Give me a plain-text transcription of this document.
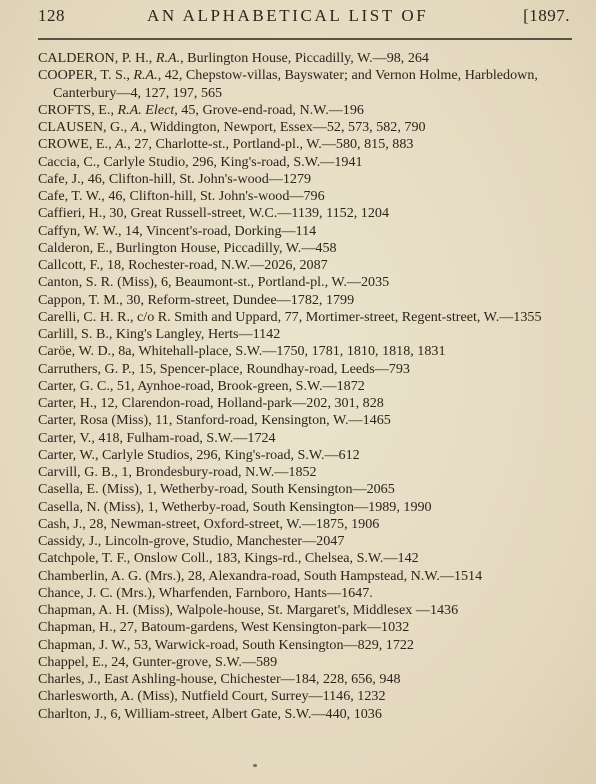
128	AN ALPHABETICAL LIST OF	[1897.
CALDERON, P. H., R.A., Burlington House, Piccadilly, W.—98, 264
COOPER, T. S., R.A., 42, Chepstow-villas, Bayswater; and Vernon Holme, Harbledown, Canterbury—4, 127, 197, 565
CROFTS, E., R.A. Elect, 45, Grove-end-road, N.W.—196
CLAUSEN, G., A., Widdington, Newport, Essex—52, 573, 582, 790
CROWE, E., A., 27, Charlotte-st., Portland-pl., W.—580, 815, 883
Caccia, C., Carlyle Studio, 296, King's-road, S.W.—1941
Cafe, J., 46, Clifton-hill, St. John's-wood—1279
Cafe, T. W., 46, Clifton-hill, St. John's-wood—796
Caffieri, H., 30, Great Russell-street, W.C.—1139, 1152, 1204
Caffyn, W. W., 14, Vincent's-road, Dorking—114
Calderon, E., Burlington House, Piccadilly, W.—458
Callcott, F., 18, Rochester-road, N.W.—2026, 2087
Canton, S. R. (Miss), 6, Beaumont-st., Portland-pl., W.—2035
Cappon, T. M., 30, Reform-street, Dundee—1782, 1799
Carelli, C. H. R., c/o R. Smith and Uppard, 77, Mortimer-street, Regent-street, W.—1355
Carlill, S. B., King's Langley, Herts—1142
Caröe, W. D., 8a, Whitehall-place, S.W.—1750, 1781, 1810, 1818, 1831
Carruthers, G. P., 15, Spencer-place, Roundhay-road, Leeds—793
Carter, G. C., 51, Aynhoe-road, Brook-green, S.W.—1872
Carter, H., 12, Clarendon-road, Holland-park—202, 301, 828
Carter, Rosa (Miss), 11, Stanford-road, Kensington, W.—1465
Carter, V., 418, Fulham-road, S.W.—1724
Carter, W., Carlyle Studios, 296, King's-road, S.W.—612
Carvill, G. B., 1, Brondesbury-road, N.W.—1852
Casella, E. (Miss), 1, Wetherby-road, South Kensington—2065
Casella, N. (Miss), 1, Wetherby-road, South Kensington—1989, 1990
Cash, J., 28, Newman-street, Oxford-street, W.—1875, 1906
Cassidy, J., Lincoln-grove, Studio, Manchester—2047
Catchpole, T. F., Onslow Coll., 183, Kings-rd., Chelsea, S.W.—142
Chamberlin, A. G. (Mrs.), 28, Alexandra-road, South Hampstead, N.W.—1514
Chance, J. C. (Mrs.), Wharfenden, Farnboro, Hants—1647.
Chapman, A. H. (Miss), Walpole-house, St. Margaret's, Middlesex —1436
Chapman, H., 27, Batoum-gardens, West Kensington-park—1032
Chapman, J. W., 53, Warwick-road, South Kensington—829, 1722
Chappel, E., 24, Gunter-grove, S.W.—589
Charles, J., East Ashling-house, Chichester—184, 228, 656, 948
Charlesworth, A. (Miss), Nutfield Court, Surrey—1146, 1232
Charlton, J., 6, William-street, Albert Gate, S.W.—440, 1036
